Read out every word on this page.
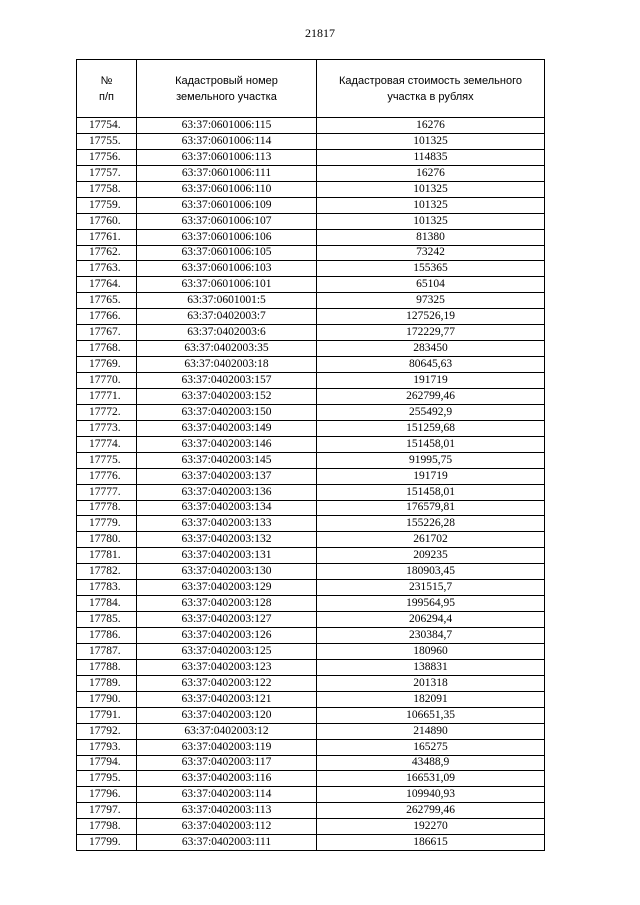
21817
№
п/п	Кадастровый номер
земельного участка	Кадастровая стоимость земельного
участка в рублях

17754.	63:37:0601006:115	16276
17755.	63:37:0601006:114	101325
17756.	63:37:0601006:113	114835
17757.	63:37:0601006:111	16276
17758.	63:37:0601006:110	101325
17759.	63:37:0601006:109	101325
17760.	63:37:0601006:107	101325
17761.	63:37:0601006:106	81380
17762.	63:37:0601006:105	73242
17763.	63:37:0601006:103	155365
17764.	63:37:0601006:101	65104
17765.	63:37:0601001:5	97325
17766.	63:37:0402003:7	127526,19
17767.	63:37:0402003:6	172229,77
17768.	63:37:0402003:35	283450
17769.	63:37:0402003:18	80645,63
17770.	63:37:0402003:157	191719
17771.	63:37:0402003:152	262799,46
17772.	63:37:0402003:150	255492,9
17773.	63:37:0402003:149	151259,68
17774.	63:37:0402003:146	151458,01
17775.	63:37:0402003:145	91995,75
17776.	63:37:0402003:137	191719
17777.	63:37:0402003:136	151458,01
17778.	63:37:0402003:134	176579,81
17779.	63:37:0402003:133	155226,28
17780.	63:37:0402003:132	261702
17781.	63:37:0402003:131	209235
17782.	63:37:0402003:130	180903,45
17783.	63:37:0402003:129	231515,7
17784.	63:37:0402003:128	199564,95
17785.	63:37:0402003:127	206294,4
17786.	63:37:0402003:126	230384,7
17787.	63:37:0402003:125	180960
17788.	63:37:0402003:123	138831
17789.	63:37:0402003:122	201318
17790.	63:37:0402003:121	182091
17791.	63:37:0402003:120	106651,35
17792.	63:37:0402003:12	214890
17793.	63:37:0402003:119	165275
17794.	63:37:0402003:117	43488,9
17795.	63:37:0402003:116	166531,09
17796.	63:37:0402003:114	109940,93
17797.	63:37:0402003:113	262799,46
17798.	63:37:0402003:112	192270
17799.	63:37:0402003:111	186615
